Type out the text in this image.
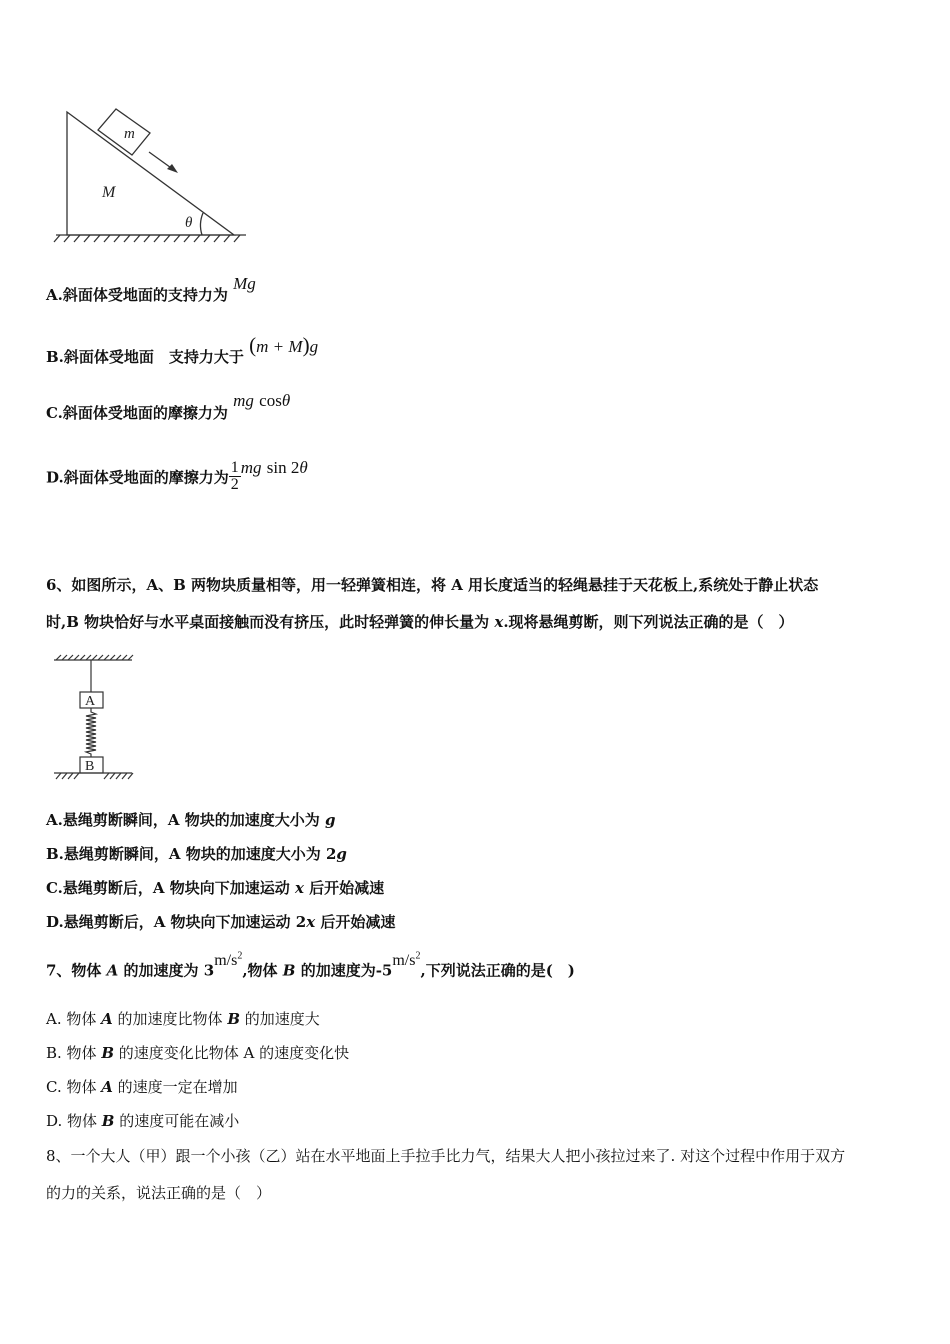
m
M
θ
A.斜面体受地面的支持力为 Mg
B.斜面体受地面　支持力大于 (m + M)g
C.斜面体受地面的摩擦力为 mg cosθ
D.斜面体受地面的摩擦力为 $\frac{1}{2}$ mg sin 2θ
6、如图所示，A、B 两物块质量相等，用一轻弹簧相连，将 A 用长度适当的轻绳悬挂于天花板上,系统处于静止状态
时,B 物块恰好与水平桌面接触而没有挤压，此时轻弹簧的伸长量为 x.现将悬绳剪断，则下列说法正确的是（　）
A
B
A.悬绳剪断瞬间，A 物块的加速度大小为 g
B.悬绳剪断瞬间，A 物块的加速度大小为 2g
C.悬绳剪断后，A 物块向下加速运动 x 后开始减速
D.悬绳剪断后，A 物块向下加速运动 2x 后开始减速
7、物体 A 的加速度为 $3m/s^2$,物体 B 的加速度为$-5m/s^2$,下列说法正确的是(　)
A. 物体 A 的加速度比物体 B 的加速度大
B. 物体 B 的速度变化比物体 A 的速度变化快
C. 物体 A 的速度一定在增加
D. 物体 B 的速度可能在减小
8、一个大人（甲）跟一个小孩（乙）站在水平地面上手拉手比力气，结果大人把小孩拉过来了. 对这个过程中作用于双方
的力的关系，说法正确的是（　）
